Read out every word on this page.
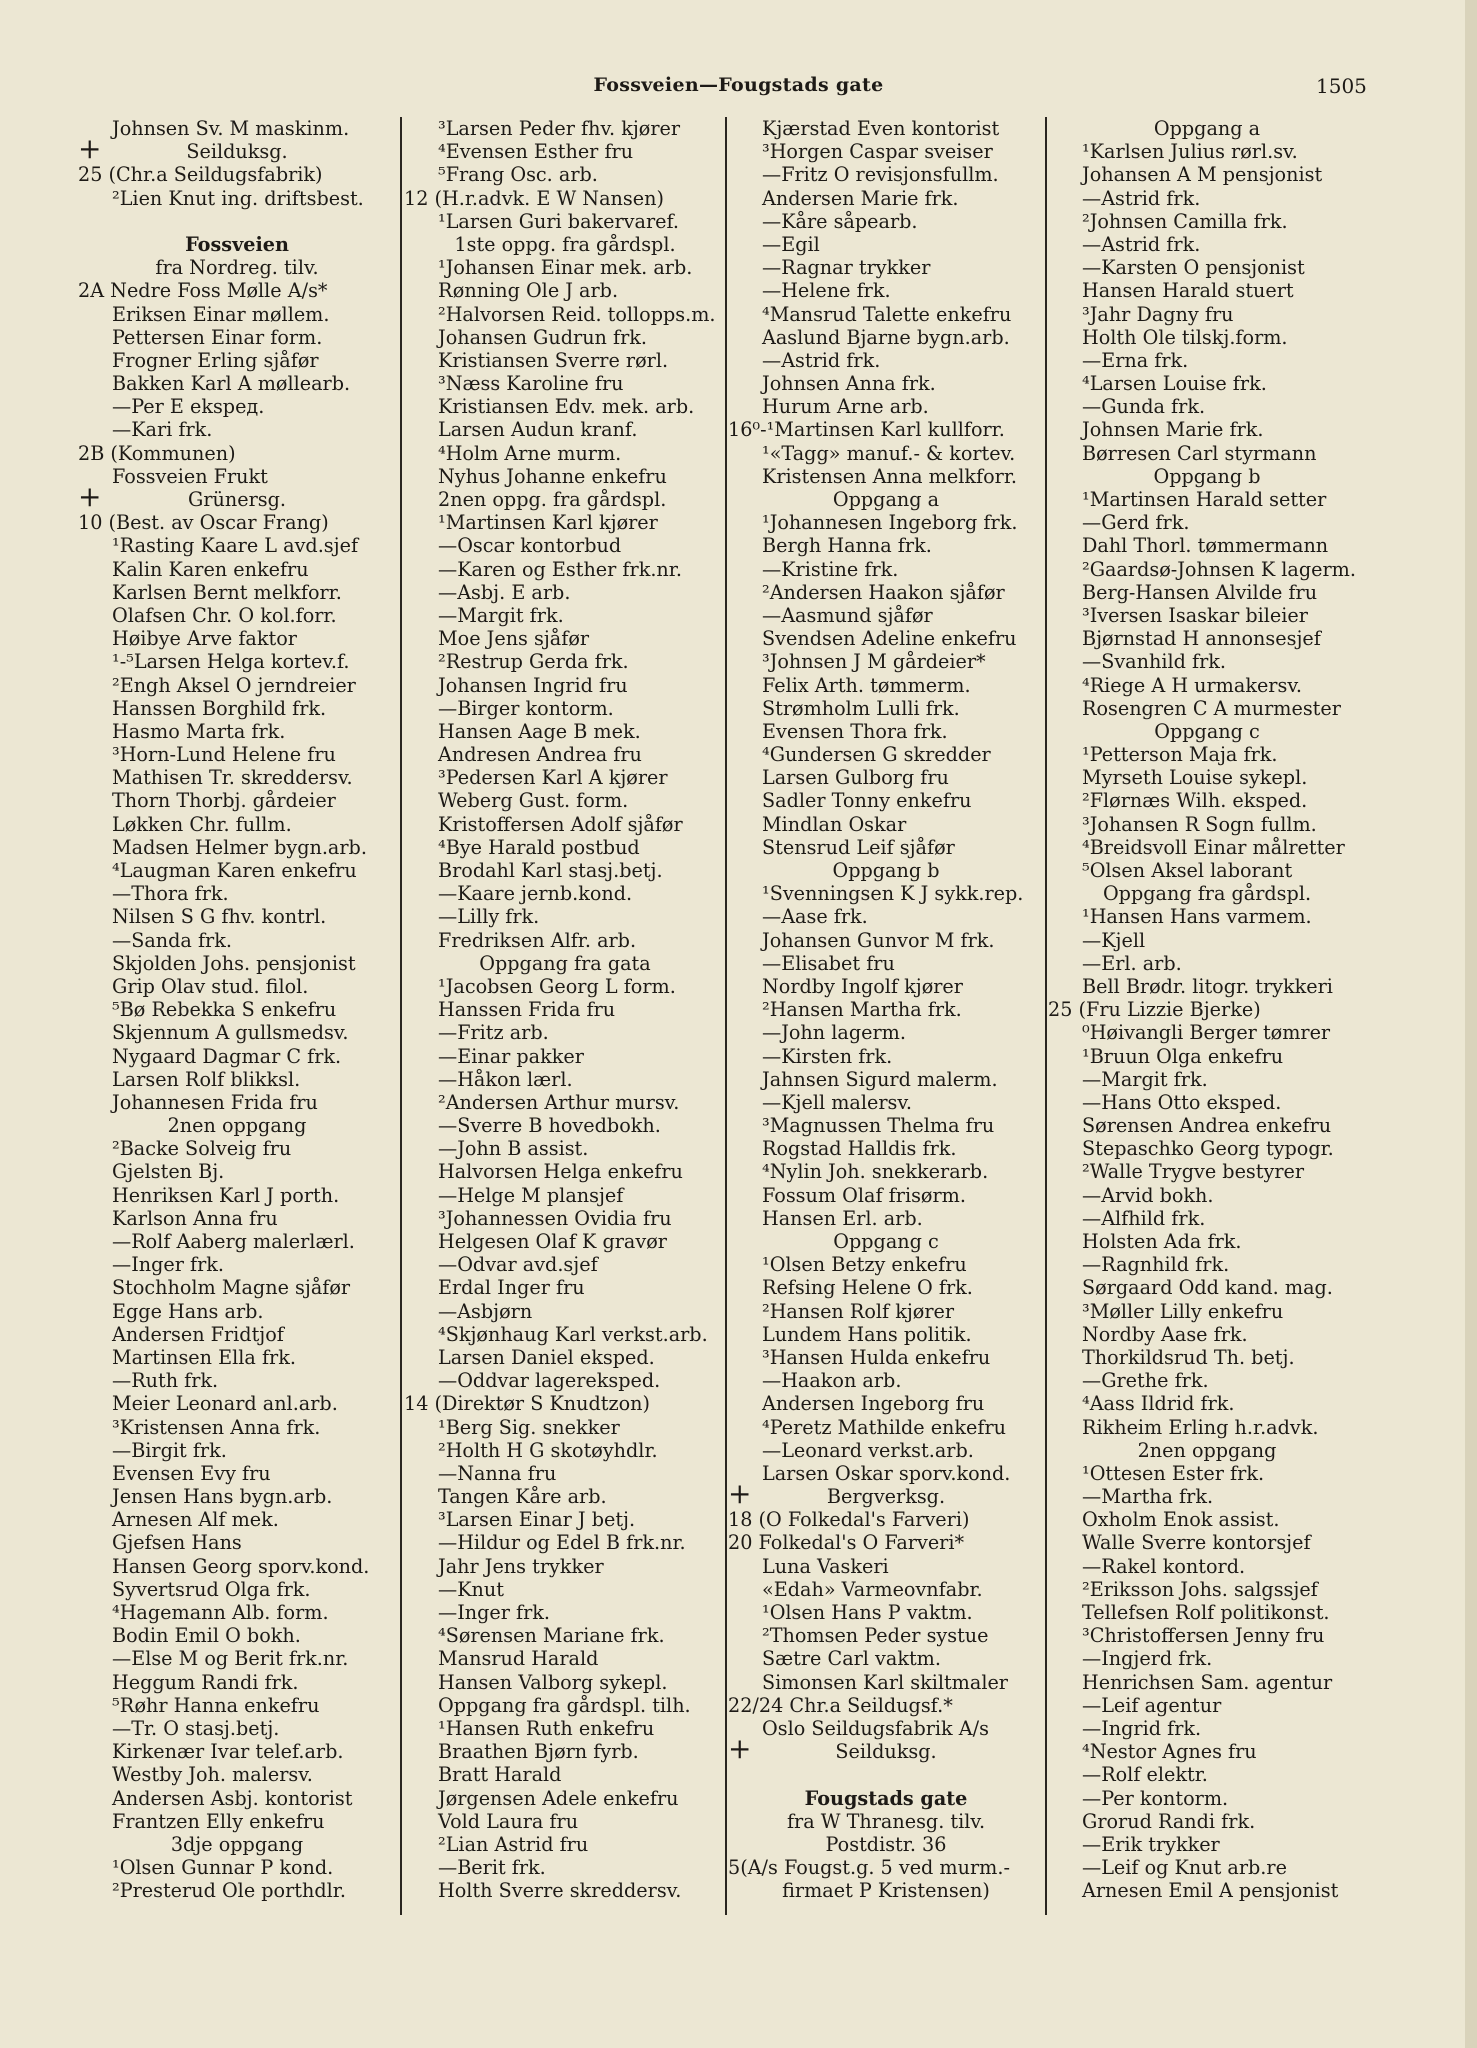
Fossveien—Fougstads gate	1505
Johnsen Sv. M maskinm.
+ Seilduksg.
25 (Chr.a Seildugsfabrik)
²Lien Knut ing. driftsbest.
Fossveien
fra Nordreg. tilv.
2A Nedre Foss Mølle A/s*
Eriksen Einar møllem.
Pettersen Einar form.
Frogner Erling sjåfør
Bakken Karl A møllearb.
—Per E ekspeд.
—Kari frk.
2B (Kommunen)
Fossveien Frukt
+ Grünersg.
10 (Best. av Oscar Frang)
¹Rasting Kaare L avd.sjef
Kalin Karen enkefru
Karlsen Bernt melkforr.
Olafsen Chr. O kol.forr.
Høibye Arve faktor
¹-⁵Larsen Helga kortev.f.
²Engh Aksel O jerndreier
Hanssen Borghild frk.
Hasmo Marta frk.
³Horn-Lund Helene fru
Mathisen Tr. skreddersv.
Thorn Thorbj. gårdeier
Løkken Chr. fullm.
Madsen Helmer bygn.arb.
⁴Laugman Karen enkefru
—Thora frk.
Nilsen S G fhv. kontrl.
—Sanda frk.
Skjolden Johs. pensjonist
Grip Olav stud. filol.
⁵Bø Rebekka S enkefru
Skjennum A gullsmedsv.
Nygaard Dagmar C frk.
Larsen Rolf blikksl.
Johannesen Frida fru
2nen oppgang
²Backe Solveig fru
Gjelsten Bj.
Henriksen Karl J porth.
Karlson Anna fru
—Rolf Aaberg malerlærl.
—Inger frk.
Stochholm Magne sjåfør
Egge Hans arb.
Andersen Fridtjof
Martinsen Ella frk.
—Ruth frk.
Meier Leonard anl.arb.
³Kristensen Anna frk.
—Birgit frk.
Evensen Evy fru
Jensen Hans bygn.arb.
Arnesen Alf mek.
Gjefsen Hans
Hansen Georg sporv.kond.
Syvertsrud Olga frk.
⁴Hagemann Alb. form.
Bodin Emil O bokh.
—Else M og Berit frk.nr.
Heggum Randi frk.
⁵Røhr Hanna enkefru
—Tr. O stasj.betj.
Kirkenær Ivar telef.arb.
Westby Joh. malersv.
Andersen Asbj. kontorist
Frantzen Elly enkefru
3dje oppgang
¹Olsen Gunnar P kond.
²Presterud Ole porthdlr.
³Larsen Peder fhv. kjører
⁴Evensen Esther fru
⁵Frang Osc. arb.
12 (H.r.advk. E W Nansen)
¹Larsen Guri bakervaref.
1ste oppg. fra gårdspl.
¹Johansen Einar mek. arb.
Rønning Ole J arb.
²Halvorsen Reid. tollopps.m.
Johansen Gudrun frk.
Kristiansen Sverre rørl.
³Næss Karoline fru
Kristiansen Edv. mek. arb.
Larsen Audun kranf.
⁴Holm Arne murm.
Nyhus Johanne enkefru
2nen oppg. fra gårdspl.
¹Martinsen Karl kjører
—Oscar kontorbud
—Karen og Esther frk.nr.
—Asbj. E arb.
—Margit frk.
Moe Jens sjåfør
²Restrup Gerda frk.
Johansen Ingrid fru
—Birger kontorm.
Hansen Aage B mek.
Andresen Andrea fru
³Pedersen Karl A kjører
Weberg Gust. form.
Kristoffersen Adolf sjåfør
⁴Bye Harald postbud
Brodahl Karl stasj.betj.
—Kaare jernb.kond.
—Lilly frk.
Fredriksen Alfr. arb.
Oppgang fra gata
¹Jacobsen Georg L form.
Hanssen Frida fru
—Fritz arb.
—Einar pakker
—Håkon lærl.
²Andersen Arthur mursv.
—Sverre B hovedbokh.
—John B assist.
Halvorsen Helga enkefru
—Helge M plansjef
³Johannessen Ovidia fru
Helgesen Olaf K gravør
—Odvar avd.sjef
Erdal Inger fru
—Asbjørn
⁴Skjønhaug Karl verkst.arb.
Larsen Daniel eksped.
—Oddvar lagereksped.
14 (Direktør S Knudtzon)
¹Berg Sig. snekker
²Holth H G skotøyhdlr.
—Nanna fru
Tangen Kåre arb.
³Larsen Einar J betj.
—Hildur og Edel B frk.nr.
Jahr Jens trykker
—Knut
—Inger frk.
⁴Sørensen Mariane frk.
Mansrud Harald
Hansen Valborg sykepl.
Oppgang fra gårdspl. tilh.
¹Hansen Ruth enkefru
Braathen Bjørn fyrb.
Bratt Harald
Jørgensen Adele enkefru
Vold Laura fru
²Lian Astrid fru
—Berit frk.
Holth Sverre skreddersv.
Kjærstad Even kontorist
³Horgen Caspar sveiser
—Fritz O revisjonsfullm.
Andersen Marie frk.
—Kåre såpearb.
—Egil
—Ragnar trykker
—Helene frk.
⁴Mansrud Talette enkefru
Aaslund Bjarne bygn.arb.
—Astrid frk.
Johnsen Anna frk.
Hurum Arne arb.
16⁰-¹Martinsen Karl kullforr.
¹«Tagg» manuf.- & kortev.
Kristensen Anna melkforr.
Oppgang a
¹Johannesen Ingeborg frk.
Bergh Hanna frk.
—Kristine frk.
²Andersen Haakon sjåfør
—Aasmund sjåfør
Svendsen Adeline enkefru
³Johnsen J M gårdeier*
Felix Arth. tømmerm.
Strømholm Lulli frk.
Evensen Thora frk.
⁴Gundersen G skredder
Larsen Gulborg fru
Sadler Tonny enkefru
Mindlan Oskar
Stensrud Leif sjåfør
Oppgang b
¹Svenningsen K J sykk.rep.
—Aase frk.
Johansen Gunvor M frk.
—Elisabet fru
Nordby Ingolf kjører
²Hansen Martha frk.
—John lagerm.
—Kirsten frk.
Jahnsen Sigurd malerm.
—Kjell malersv.
³Magnussen Thelma fru
Rogstad Halldis frk.
⁴Nylin Joh. snekkerarb.
Fossum Olaf frisørm.
Hansen Erl. arb.
Oppgang c
¹Olsen Betzy enkefru
Refsing Helene O frk.
²Hansen Rolf kjører
Lundem Hans politik.
³Hansen Hulda enkefru
—Haakon arb.
Andersen Ingeborg fru
⁴Peretz Mathilde enkefru
—Leonard verkst.arb.
Larsen Oskar sporv.kond.
+ Bergverksg.
18 (O Folkedal's Farveri)
20 Folkedal's O Farveri*
Luna Vaskeri
«Edah» Varmeovnfabr.
¹Olsen Hans P vaktm.
²Thomsen Peder systue
Sætre Carl vaktm.
Simonsen Karl skiltmaler
22/24 Chr.a Seildugsf.*
Oslo Seildugsfabrik A/s
+ Seilduksg.
Fougstads gate
fra W Thranesg. tilv.
Postdistr. 36
5(A/s Fougst.g. 5 ved murm.-
firmaet P Kristensen)
Oppgang a
¹Karlsen Julius rørl.sv.
Johansen A M pensjonist
—Astrid frk.
²Johnsen Camilla frk.
—Astrid frk.
—Karsten O pensjonist
Hansen Harald stuert
³Jahr Dagny fru
Holth Ole tilskj.form.
—Erna frk.
⁴Larsen Louise frk.
—Gunda frk.
Johnsen Marie frk.
Børresen Carl styrmann
Oppgang b
¹Martinsen Harald setter
—Gerd frk.
Dahl Thorl. tømmermann
²Gaardsø-Johnsen K lagerm.
Berg-Hansen Alvilde fru
³Iversen Isaskar bileier
Bjørnstad H annonsesjef
—Svanhild frk.
⁴Riege A H urmakersv.
Rosengren C A murmester
Oppgang c
¹Petterson Maja frk.
Myrseth Louise sykepl.
²Flørnæs Wilh. eksped.
³Johansen R Sogn fullm.
⁴Breidsvoll Einar målretter
⁵Olsen Aksel laborant
Oppgang fra gårdspl.
¹Hansen Hans varmem.
—Kjell
—Erl. arb.
Bell Brødr. litogr. trykkeri
25 (Fru Lizzie Bjerke)
⁰Høivangli Berger tømrer
¹Bruun Olga enkefru
—Margit frk.
—Hans Otto eksped.
Sørensen Andrea enkefru
Stepaschko Georg typogr.
²Walle Trygve bestyrer
—Arvid bokh.
—Alfhild frk.
Holsten Ada frk.
—Ragnhild frk.
Sørgaard Odd kand. mag.
³Møller Lilly enkefru
Nordby Aase frk.
Thorkildsrud Th. betj.
—Grethe frk.
⁴Aass Ildrid frk.
Rikheim Erling h.r.advk.
2nen oppgang
¹Ottesen Ester frk.
—Martha frk.
Oxholm Enok assist.
Walle Sverre kontorsjef
—Rakel kontord.
²Eriksson Johs. salgssjef
Tellefsen Rolf politikonst.
³Christoffersen Jenny fru
—Ingjerd frk.
Henrichsen Sam. agentur
—Leif agentur
—Ingrid frk.
⁴Nestor Agnes fru
—Rolf elektr.
—Per kontorm.
Grorud Randi frk.
—Erik trykker
—Leif og Knut arb.re
Arnesen Emil A pensjonist
